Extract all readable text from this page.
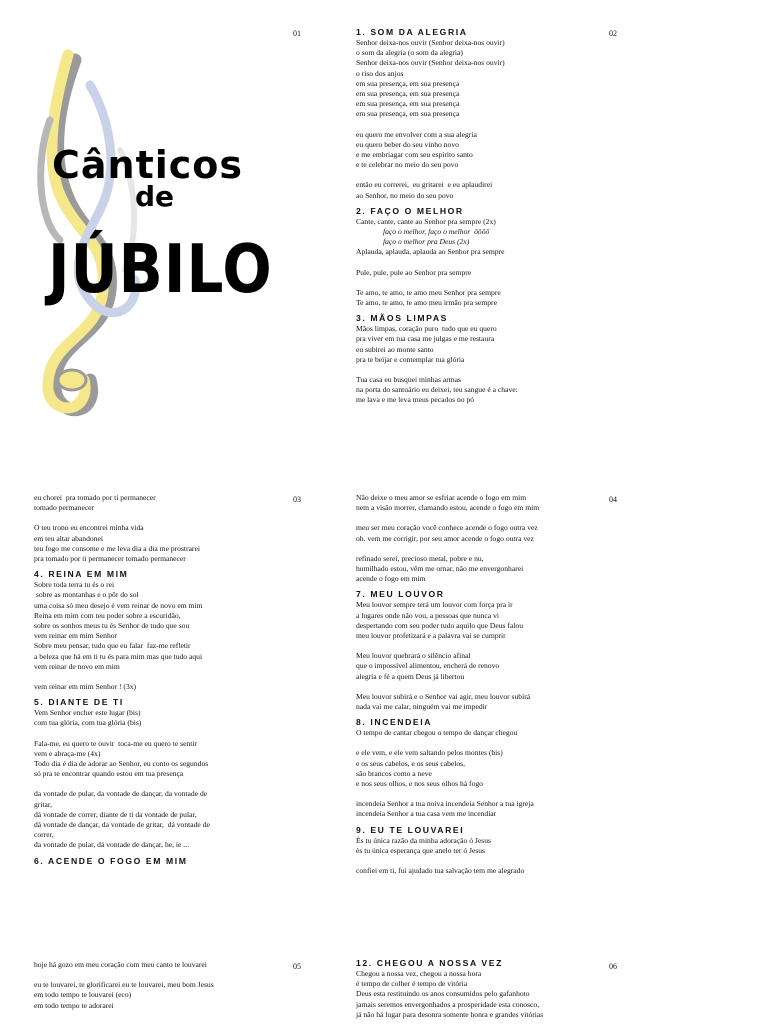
01	02
03	04
05	06
Cânticos
de
JÚBILO
1. SOM DA ALEGRIA

Senhor deixa-nos ouvir (Senhor deixa-nos ouvir)

o som da alegria (o som da alegria)

Senhor deixa-nos ouvir (Senhor deixa-nos ouvir)

o riso dos anjos

em sua presença, em sua presença

em sua presença, em sua presença

em sua presença, em sua presença

em sua presença, em sua presença

eu quero me envolver com a sua alegria

eu quero beber do seu vinho novo

e me embriagar com seu espírito santo

e te celebrar no meio do seu povo

então eu correrei,  eu gritarei  e eu aplaudirei

ao Senhor, no meio do seu povo

2. FAÇO O MELHOR

Cante, cante, cante ao Senhor pra sempre (2x)

faço o melhor, faço o melhor  ôôôô

faço o melhor pra Deus (2x)

Aplauda, aplauda, aplauda ao Senhor pra sempre

Pule, pule, pule ao Senhor pra sempre

Te amo, te amo, te amo meu Senhor pra sempre

Te amo, te amo, te amo meu irmão pra sempre

3. MÃOS LIMPAS

Mãos limpas, coração puro  tudo que eu quero

pra viver em tua casa me julgas e me restaura

eu subirei ao monte santo

pra te beijar e contemplar tua glória

Tua casa eu busquei minhas armas

na porta do santuário eu deixei, teu sangue é a chave:

me lava e me leva meus pecados no pó

eu chorei  pra tomado por ti permanecer

tomado permanecer

O teu trono eu encontrei minha vida

em teu altar abandonei

teu fogo me consome e me leva dia a dia me prostrarei

pra tomado por ti permanecer tomado permanecer

4. REINA EM MIM

Sobre toda terra tu és o rei

sobre as montanhas e o pôr do sol

uma coisa só meu desejo é vem reinar de novo em mim

Reina em mim com teu poder sobre a escuridão,

sobre os sonhos meus tu és Senhor de tudo que sou

vem reinar em mim Senhor

Sobre meu pensar, tudo que eu falar  faz-me refletir

a beleza que há em ti tu és para mim mas que tudo aqui

vem reinar de novo em mim

vem reinar em mim Senhor ! (3x)

5. DIANTE DE TI

Vem Senhor encher este lugar (bis)

com tua glória, com tua glória (bis)

Fala-me, eu quero te ouvir  toca-me eu quero te sentir

vem e abraça-me (4x)

Todo dia é dia de adorar ao Senhor, eu conto os segundos

só pra te encontrar quando estou em tua presença

da vontade de pular, da vontade de dançar, da vontade de

gritar,

dá vontade de correr, diante de ti da vontade de pular,

dá vontade de dançar, da vontade de gritar,  dá vontade de

correr,

da vontade de pular, dá vontade de dançar, he, ie ...

6. ACENDE O FOGO EM MIM

Não deixe o meu amor se esfriar acende o fogo em mim

nem a visão morrer, clamando estou, acende o fogo em mim

meu ser meu coração você conhece acende o fogo outra vez

oh. vem me corrigir, por seu amor acende o fogo outra vez

refinado serei, precioso metal, pobre e nu,

humilhado estou, vêm me ornar, não me envergonharei

acende o fogo em mim

7. MEU LOUVOR

Meu louvor sempre terá um louvor com força pra ir

a lugares onde não vou, a pessoas que nunca vi

despertando com seu poder tudo aquilo que Deus falou

meu louvor profetizará e a palavra vai se cumprir

Meu louvor quebrará o silêncio afinal

que o impossível alimentou, encherá de renovo

alegria e fé a quem Deus já libertou

Meu louvor subirá e o Senhor vai agir, meu louvor subirá

nada vai me calar, ninguém vai me impedir

8. INCENDEIA

O tempo de cantar chegou o tempo de dançar chegou

e ele vem, e ele vem saltando pelos montes (bis)

e os seus cabelos, e os seus cabelos,

são brancos como a neve

e nos seus olhos, e nos seus olhos há fogo

incendeia Senhor a tua noiva incendeia Senhor a tua igreja

incendeia Senhor a tua casa vem me incendiar

9. EU TE LOUVAREI

És tu única razão da minha adoração ó Jesus

ès tu única esperança que anelo ter ó Jesus

confiei em ti, fui ajudado tua salvação tem me alegrado

hoje há gozo em meu coração com meu canto te louvarei

eu te louvarei, te glorificarei eu te louvarei, meu bom Jesus

em todo tempo te louvarei (eco)

em todo tempo te adorarei

12. CHEGOU A NOSSA VEZ

Chegou a nossa vez, chegou a nossa hora

é tempo de colher é tempo de vitória

Deus esta restituindo os anos consumidos pelo gafanhoto

jamais seremos envergonhados a prosperidade esta conosco,

já não há lugar para desonra somente honra e grandes vitórias
